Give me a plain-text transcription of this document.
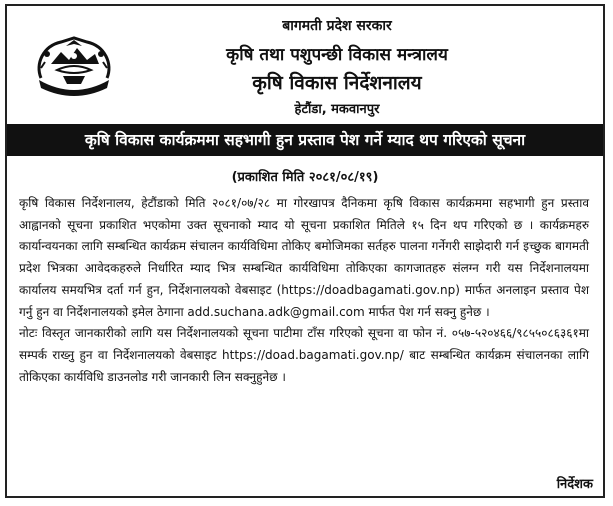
बागमती प्रदेश सरकार
कृषि तथा पशुपन्छी विकास मन्त्रालय
कृषि विकास निर्देशनालय
हेटौंडा, मकवानपुर
कृषि विकास कार्यक्रममा सहभागी हुन प्रस्ताव पेश गर्ने म्याद थप गरिएको सूचना
(प्रकाशित मिति २०८१/०८/१९)

कृषि विकास निर्देशनालय, हेटौंडाको मिति २०८१/०७/२८ मा गोरखापत्र दैनिकमा कृषि विकास कार्यक्रममा सहभागी हुन प्रस्ताव आह्वानको सूचना प्रकाशित भएकोमा उक्त सूचनाको म्याद यो सूचना प्रकाशित मितिले १५ दिन थप गरिएको छ । कार्यक्रमहरु कार्यान्वयनका लागि सम्बन्धित कार्यक्रम संचालन कार्यविधिमा तोकिए बमोजिमका सर्तहरु पालना गर्नेगरी साझेदारी गर्न इच्छुक बागमती प्रदेश भित्रका आवेदकहरुले निर्धारित म्याद भित्र सम्बन्धित कार्यविधिमा तोकिएका कागजातहरु संलग्न गरी यस निर्देशनालयमा कार्यालय समयभित्र दर्ता गर्न हुन, निर्देशनालयको वेबसाइट (https://doadbagamati.gov.np) मार्फत अनलाइन प्रस्ताव पेश गर्नु हुन वा निर्देशनालयको इमेल ठेगाना add.suchana.adk@gmail.com मार्फत पेश गर्न सक्नु हुनेछ ।

नोटः विस्तृत जानकारीको लागि यस निर्देशनालयको सूचना पाटीमा टाँस गरिएको सूचना वा फोन नं. ०५७-५२०४६६/९८५५०८६३६१मा सम्पर्क राख्नु हुन वा निर्देशनालयको वेबसाइट https://doad.bagamati.gov.np/ बाट सम्बन्धित कार्यक्रम संचालनका लागि तोकिएका कार्यविधि डाउनलोड गरी जानकारी लिन सक्नुहुनेछ ।

निर्देशक
